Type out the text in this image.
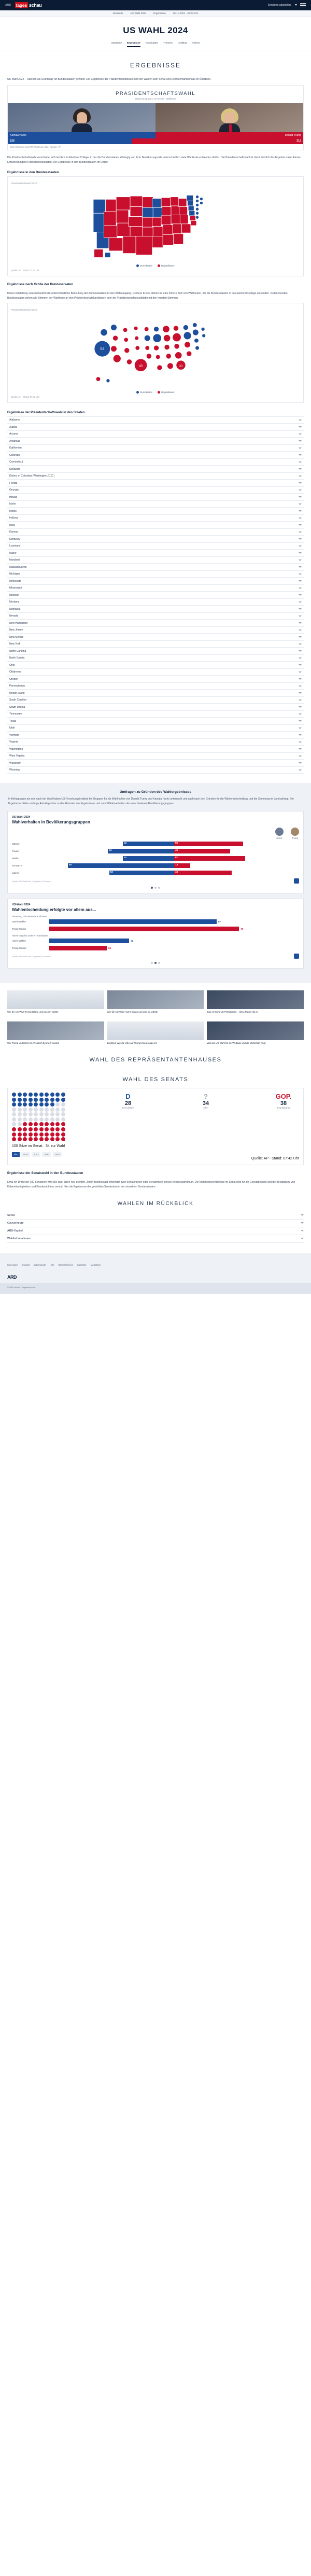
ARD tages schau	Sendung abspielen
Startseite · US-Wahl 2024 · Ergebnisse · 06.11.2024 · 07:42 Uhr
US WAHL 2024
Startseite Ergebnisse Kandidaten Themen Liveblog Videos
ERGEBNISSE
US-Wahl 2024 – Tabellen als Grundlage für Bundesstaaten gewählt. Die Ergebnisse der Präsidentschaftswahl und der Wahlen zum Senat und Repräsentantenhaus im Überblick.
PRÄSIDENTSCHAFTSWAHL
Stand 06.11.2024, 07:42 Uhr · Wahlleute
Kamala Harris	Donald Trump
226	312
Zum Wahlsieg sind 270 Wahlleute nötig · Quelle: AP
Die Präsidentschaftswahl entscheidet sich letztlich im Electoral College, in der die Bundesstaaten abhängig von ihrer Bevölkerungszahl unterschiedlich viele Wahlleute entsenden dürfen. Die Präsidentschaftswahl ist damit letztlich das Ergebnis vieler Einzel-Entscheidungen in den Bundesstaaten. Die Ergebnisse in den Bundesstaaten im Detail:
Ergebnisse in den Bundesstaaten
Präsidentschaftswahl 2024
Demokraten	Republikaner
Quelle: AP · Stand: 07:42 Uhr
Ergebnisse nach Größe der Bundesstaaten
Diese Darstellung veranschaulicht die unterschiedliche Bedeutung der Bundesstaaten für den Wahlausgang. Größere Kreise stehen für eine höhere Zahl von Wahlleuten, die die Bundesstaaten in das Electoral College entsenden. In den meisten Bundesstaaten gehen alle Stimmen der Wahlleute an den Präsidentschaftskandidaten oder die Präsidentschaftskandidatin mit den meisten Stimmen.
Präsidentschaftswahl 2024
54
40	30
Demokraten	Republikaner
Quelle: AP · Stand: 07:42 Uhr
Ergebnisse der Präsidentschaftswahl in den Staaten
Alabama
Alaska
Arizona
Arkansas
Kalifornien
Colorado
Connecticut
Delaware
District of Columbia (Washington, D.C.)
Florida
Georgia
Hawaii
Idaho
Illinois
Indiana
Iowa
Kansas
Kentucky
Louisiana
Maine
Maryland
Massachusetts
Michigan
Minnesota
Mississippi
Missouri
Montana
Nebraska
Nevada
New Hampshire
New Jersey
New Mexico
New York
North Carolina
North Dakota
Ohio
Oklahoma
Oregon
Pennsylvania
Rhode Island
South Carolina
South Dakota
Tennessee
Texas
Utah
Vermont
Virginia
Washington
West Virginia
Wisconsin
Wyoming
Umfragen zu Gründen des Wahlergebnisses

In Befragungen am und nach der Wahl haben US-Forschungsinstitute bei Gruppen für die Wahlmotive von Donald Trump und Kamala Harris untersucht und auch nach den Gründen für die Wählerentscheidung und die Stimmung im Land gefragt. Die Ergebnisse bilden wichtige Anhaltspunkte zu den Gründen des Ergebnisses und zum Wählerverhalten der verschiedenen Bevölkerungsgruppen.

US-Wahl 2024
Wahlverhalten in Bevölkerungsgruppen
Harris	Trump
Männer	41	55
Frauen	53	45
Weiße	41	57
Schwarze	85	13
Latinos	52	46
Quelle: AP VoteCast · Angaben in Prozent
US-Wahl 2024
Wahlentscheidung erfolgte vor allem aus...
Stimmung bei meinem Kandidaten
Harris-Wähler	67
Trump-Wähler	76
Ablehnung des anderen Kandidaten
Harris-Wähler	32
Trump-Wähler	23
Quelle: AP VoteCast · Angaben in Prozent
Wie die US-Wahl Trump Bilanz und was ihn wählte	Wie die US-Wahl Harris Bilanz und was sie wählte	Das Amt des US-Präsidenten – diese Macht hat er
Wie Trump und Harris im Vergleich beurteilt wurden	Liveblog: Wie die USA auf Trumps Sieg reagieren	Was die US-Wahl für die Weltlage und die Wirtschaft zeigt
WAHL DES REPRÄSENTANTENHAUSES
WAHL DES SENATS
D
28
Demokraten
?
34
offen
GOP.
38
Republikaner
100 Sitze im Senat · 34 zur Wahl
alle	2024	2022	2020	2018
Quelle: AP · Stand: 07:42 Uhr
Ergebnisse der Senatswahl in den Bundesstaaten
Etwa ein Drittel der 100 Senatoren wird alle zwei Jahre neu gewählt. Jeder Bundesstaat entsendet zwei Senatorinnen oder Senatoren in dieses Kongressgremium. Die Mehrheitsverhältnisse im Senat sind für die Gesetzgebung und die Bestätigung von Kabinettsmitgliedern und Bundesrichtern zentral. Hier die Ergebnisse der gewählten Senatssitze in den einzelnen Bundesstaaten:
WAHLEN IM RÜCKBLICK
Senat
Gouverneure
ARD-Kapitel
Wahlinformationen
Impressum Kontakt Datenschutz Hilfe Barrierefreiheit Bildrechte Mediathek
ARD
© ARD-aktuell / tagesschau.de
